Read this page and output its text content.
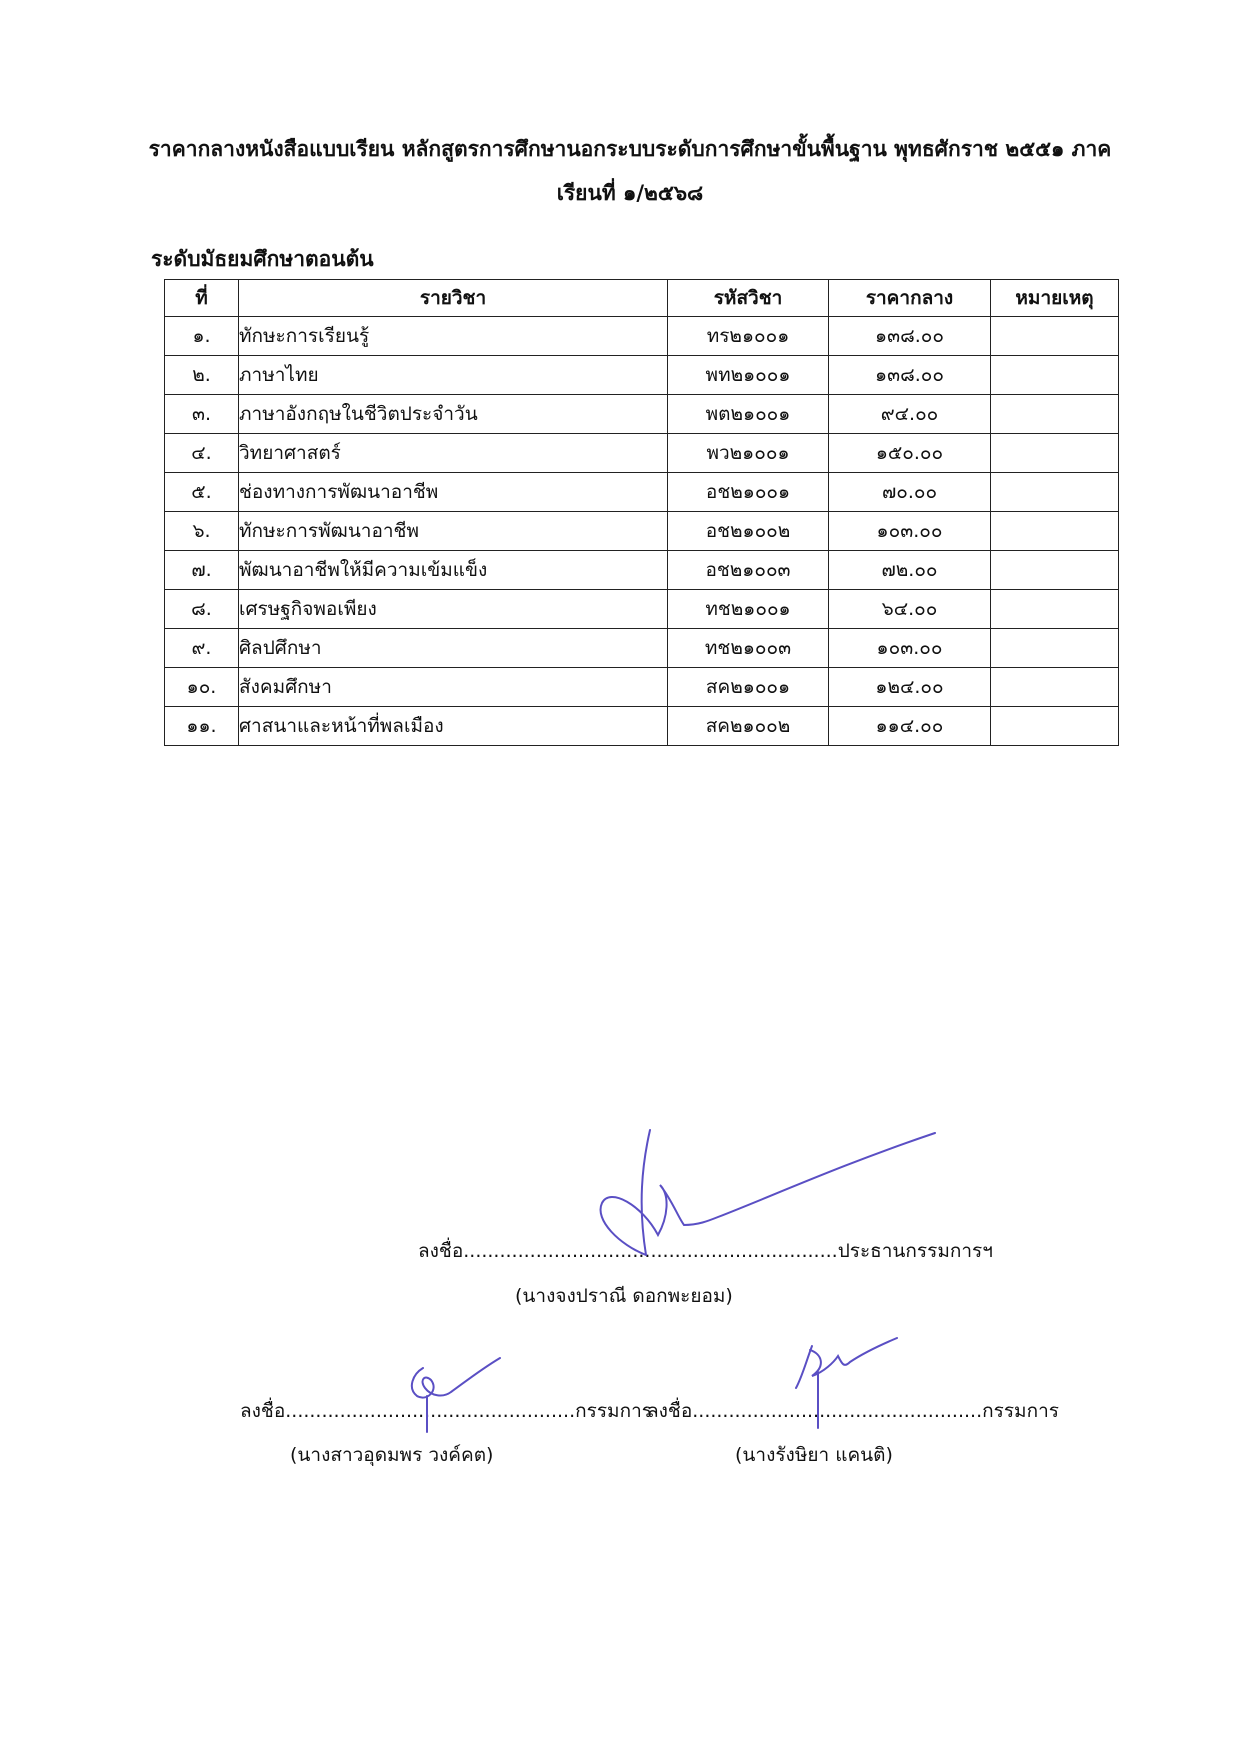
ราคากลางหนังสือแบบเรียน หลักสูตรการศึกษานอกระบบระดับการศึกษาขั้นพื้นฐาน พุทธศักราช ๒๕๕๑ ภาค
เรียนที่ ๑/๒๕๖๘
ระดับมัธยมศึกษาตอนต้น
ที่	รายวิชา	รหัสวิชา	ราคากลาง	หมายเหตุ
๑.	ทักษะการเรียนรู้	ทร๒๑๐๐๑	๑๓๘.๐๐	
๒.	ภาษาไทย	พท๒๑๐๐๑	๑๓๘.๐๐	
๓.	ภาษาอังกฤษในชีวิตประจำวัน	พต๒๑๐๐๑	๙๔.๐๐	
๔.	วิทยาศาสตร์	พว๒๑๐๐๑	๑๕๐.๐๐	
๕.	ช่องทางการพัฒนาอาชีพ	อช๒๑๐๐๑	๗๐.๐๐	
๖.	ทักษะการพัฒนาอาชีพ	อช๒๑๐๐๒	๑๐๓.๐๐	
๗.	พัฒนาอาชีพให้มีความเข้มแข็ง	อช๒๑๐๐๓	๗๒.๐๐	
๘.	เศรษฐกิจพอเพียง	ทช๒๑๐๐๑	๖๔.๐๐	
๙.	ศิลปศึกษา	ทช๒๑๐๐๓	๑๐๓.๐๐	
๑๐.	สังคมศึกษา	สค๒๑๐๐๑	๑๒๔.๐๐	
๑๑.	ศาสนาและหน้าที่พลเมือง	สค๒๑๐๐๒	๑๑๔.๐๐	
ลงชื่อ..............................................................ประธานกรรมการฯ
(นางจงปราณี ดอกพะยอม)
ลงชื่อ................................................กรรมการ
(นางสาวอุดมพร วงค์คต)
ลงชื่อ................................................กรรมการ
(นางรังษิยา แคนติ)
